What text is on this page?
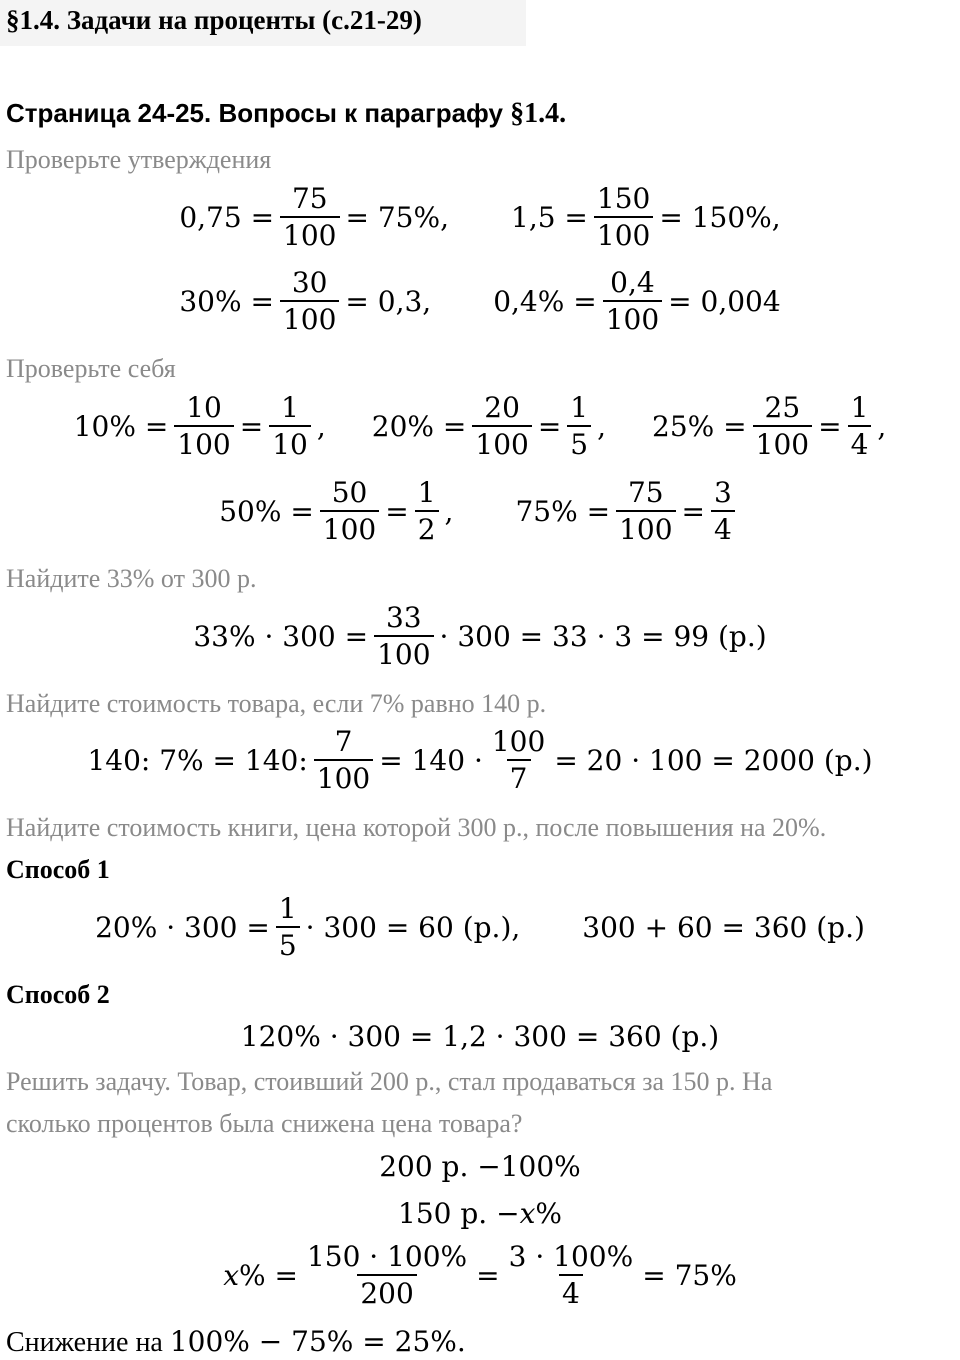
§1.4. Задачи на проценты (с.21-29)
Страница 24-25. Вопросы к параграфу §1.4.
Проверьте утверждения
$0,75 = \frac{75}{100} = 75\%$, $1,5 = \frac{150}{100} = 150\%$,
$30\% = \frac{30}{100} = 0,3$, $0,4\% = \frac{0,4}{100} = 0,004$
Проверьте себя
$10\% = \frac{10}{100} = \frac{1}{10}$ , $20\% = \frac{20}{100} = \frac{1}{5}$ , $25\% = \frac{25}{100} = \frac{1}{4}$ ,
$50\% = \frac{50}{100} = \frac{1}{2}$ , $75\% = \frac{75}{100} = \frac{3}{4}$
Найдите 33% от 300 р.
$33\% \cdot 300 = \frac{33}{100} \cdot 300 = 33 \cdot 3 = 99$ (р.)
Найдите стоимость товара, если 7% равно 140 р.
140: 7% = 140: $\frac{7}{100} = 140 \cdot \frac{100}{7} = 20 \cdot 100 = 2000$ (р.)
Найдите стоимость книги, цена которой 300 р., после повышения на 20%.
Способ 1
$20\% \cdot 300 = \frac{1}{5} \cdot 300 = 60$ (р.), 300 + 60 = 360 (р.)
Способ 2
120% · 300 = 1,2 · 300 = 360 (р.)
Решить задачу. Товар, стоивший 200 р., стал продаваться за 150 р. На
сколько процентов была снижена цена товара?
200 р. −100%
150 р. − x %
x % = $\frac{150 \cdot 100\%}{200} = \frac{3 \cdot 100\%}{4} = 75\%$
Снижение на 100% − 75% = 25%.
